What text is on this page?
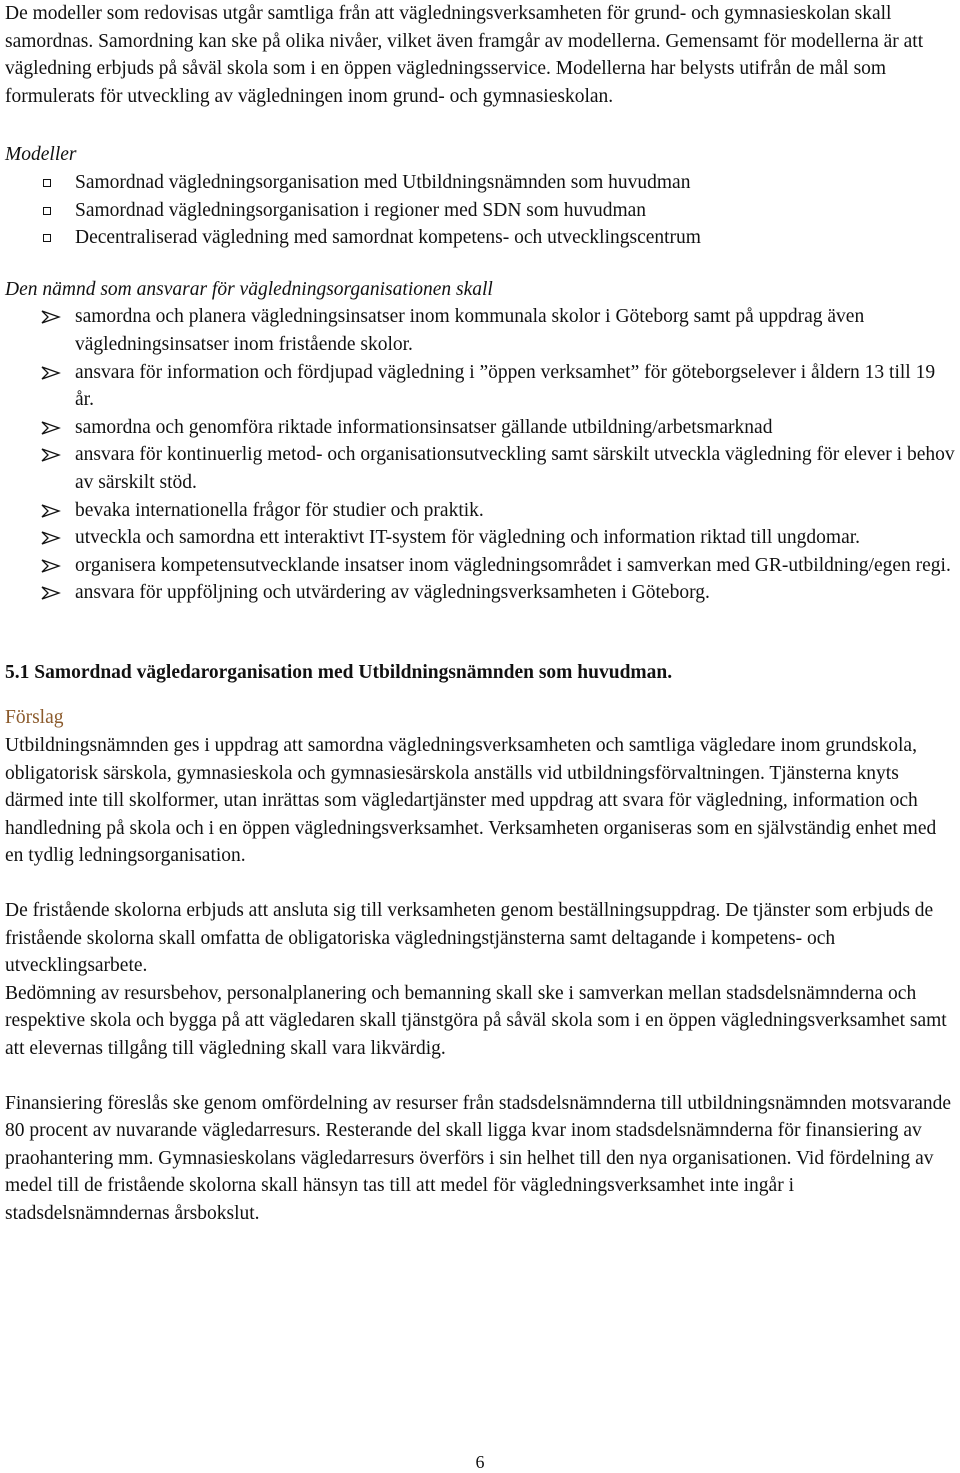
De modeller som redovisas utgår samtliga från att vägledningsverksamheten för grund- och gymnasieskolan skall samordnas. Samordning kan ske på olika nivåer, vilket även framgår av modellerna. Gemensamt för modellerna är att vägledning erbjuds på såväl skola som i en öppen vägledningsservice. Modellerna har belysts utifrån de mål som formulerats för utveckling av vägledningen inom grund- och gymnasieskolan.

Modeller

Samordnad vägledningsorganisation med Utbildningsnämnden som huvudman
Samordnad vägledningsorganisation i regioner med SDN som huvudman
Decentraliserad vägledning med samordnat kompetens- och utvecklingscentrum

Den nämnd som ansvarar för vägledningsorganisationen skall

samordna och planera vägledningsinsatser inom kommunala skolor i Göteborg samt på uppdrag även vägledningsinsatser inom fristående skolor.
ansvara för information och fördjupad vägledning i ”öppen verksamhet” för göteborgselever i åldern 13 till 19 år.
samordna och genomföra riktade informationsinsatser gällande utbildning/arbetsmarknad
ansvara för kontinuerlig metod- och organisationsutveckling samt särskilt utveckla vägledning för elever i behov av särskilt stöd.
bevaka internationella frågor för studier och praktik.
utveckla och samordna ett interaktivt IT-system för vägledning och information riktad till ungdomar.
organisera kompetensutvecklande insatser inom vägledningsområdet i samverkan med GR-utbildning/egen regi.
ansvara för uppföljning och utvärdering av vägledningsverksamheten i Göteborg.

5.1 Samordnad vägledarorganisation med Utbildningsnämnden som huvudman.

Förslag

Utbildningsnämnden ges i uppdrag att samordna vägledningsverksamheten och samtliga vägledare inom grundskola, obligatorisk särskola, gymnasieskola och gymnasiesärskola anställs vid utbildningsförvaltningen. Tjänsterna knyts därmed inte till skolformer, utan inrättas som vägledartjänster med uppdrag att svara för vägledning, information och handledning på skola och i en öppen vägledningsverksamhet. Verksamheten organiseras som en självständig enhet med en tydlig ledningsorganisation.

De fristående skolorna erbjuds att ansluta sig till verksamheten genom beställningsuppdrag. De tjänster som erbjuds de fristående skolorna skall omfatta de obligatoriska vägledningstjänsterna samt deltagande i kompetens- och utvecklingsarbete.

Bedömning av resursbehov, personalplanering och bemanning skall ske i samverkan mellan stadsdelsnämnderna och respektive skola och bygga på att vägledaren skall tjänstgöra på såväl skola som i en öppen vägledningsverksamhet samt att elevernas tillgång till vägledning skall vara likvärdig.

Finansiering föreslås ske genom omfördelning av resurser från stadsdelsnämnderna till utbildningsnämnden motsvarande 80 procent av nuvarande vägledarresurs. Resterande del skall ligga kvar inom stadsdelsnämnderna för finansiering av praohantering mm. Gymnasieskolans vägledarresurs överförs i sin helhet till den nya organisationen. Vid fördelning av medel till de fristående skolorna skall hänsyn tas till att medel för vägledningsverksamhet inte ingår i stadsdelsnämndernas årsbokslut.

6
